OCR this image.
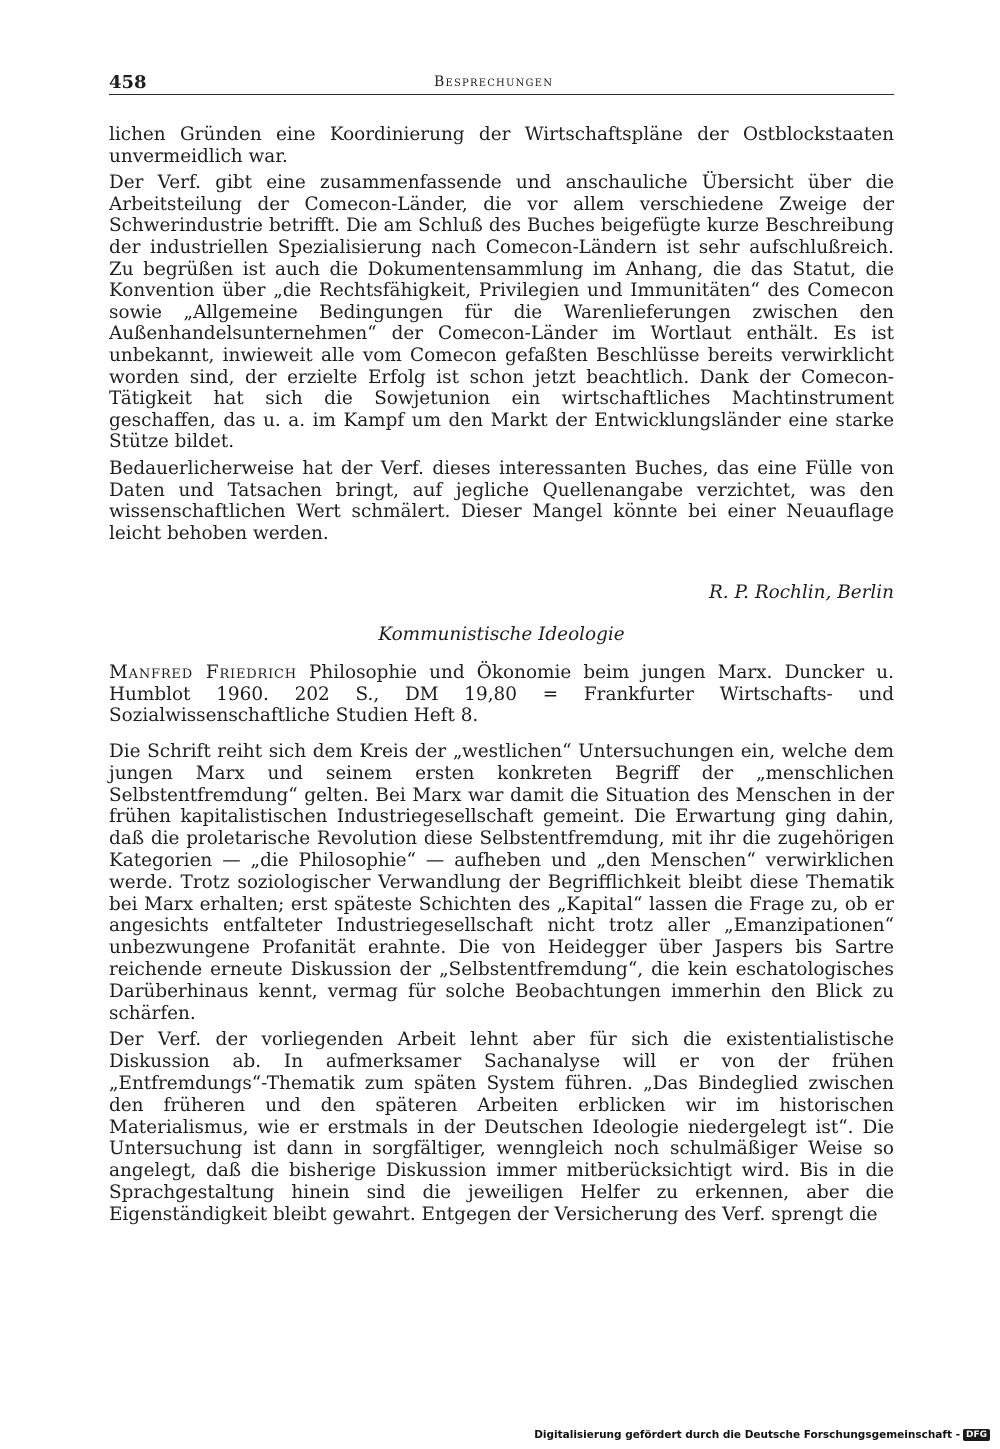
458	Besprechungen

lichen Gründen eine Koordinierung der Wirtschaftspläne der Ostblockstaaten unvermeidlich war.

Der Verf. gibt eine zusammenfassende und anschauliche Übersicht über die Arbeitsteilung der Comecon-Länder, die vor allem verschiedene Zweige der Schwerindustrie betrifft. Die am Schluß des Buches beigefügte kurze Beschreibung der industriellen Spezialisierung nach Comecon-Ländern ist sehr aufschlußreich. Zu begrüßen ist auch die Dokumentensammlung im Anhang, die das Statut, die Konvention über „die Rechtsfähigkeit, Privilegien und Immunitäten“ des Comecon sowie „Allgemeine Bedingungen für die Warenlieferungen zwischen den Außenhandelsunternehmen“ der Comecon-Länder im Wortlaut enthält. Es ist unbekannt, inwieweit alle vom Comecon gefaßten Beschlüsse bereits verwirklicht worden sind, der erzielte Erfolg ist schon jetzt beachtlich. Dank der Comecon-Tätigkeit hat sich die Sowjetunion ein wirtschaftliches Machtinstrument geschaffen, das u. a. im Kampf um den Markt der Entwicklungsländer eine starke Stütze bildet.

Bedauerlicherweise hat der Verf. dieses interessanten Buches, das eine Fülle von Daten und Tatsachen bringt, auf jegliche Quellenangabe verzichtet, was den wissenschaftlichen Wert schmälert. Dieser Mangel könnte bei einer Neuauflage leicht behoben werden.

R. P. Rochlin, Berlin
Kommunistische Ideologie

Manfred Friedrich Philosophie und Ökonomie beim jungen Marx. Duncker u. Humblot 1960. 202 S., DM 19,80 = Frankfurter Wirtschafts- und Sozialwissenschaftliche Studien Heft 8.

Die Schrift reiht sich dem Kreis der „westlichen“ Untersuchungen ein, welche dem jungen Marx und seinem ersten konkreten Begriff der „menschlichen Selbstentfremdung“ gelten. Bei Marx war damit die Situation des Menschen in der frühen kapitalistischen Industriegesellschaft gemeint. Die Erwartung ging dahin, daß die proletarische Revolution diese Selbstentfremdung, mit ihr die zugehörigen Kategorien — „die Philosophie“ — aufheben und „den Menschen“ verwirklichen werde. Trotz soziologischer Verwandlung der Begrifflichkeit bleibt diese Thematik bei Marx erhalten; erst späteste Schichten des „Kapital“ lassen die Frage zu, ob er angesichts entfalteter Industriegesellschaft nicht trotz aller „Emanzipationen“ unbezwungene Profanität erahnte. Die von Heidegger über Jaspers bis Sartre reichende erneute Diskussion der „Selbstentfremdung“, die kein eschatologisches Darüberhinaus kennt, vermag für solche Beobachtungen immerhin den Blick zu schärfen.

Der Verf. der vorliegenden Arbeit lehnt aber für sich die existentialistische Diskussion ab. In aufmerksamer Sachanalyse will er von der frühen „Entfremdungs“-Thematik zum späten System führen. „Das Bindeglied zwischen den früheren und den späteren Arbeiten erblicken wir im historischen Materialismus, wie er erstmals in der Deutschen Ideologie niedergelegt ist“. Die Untersuchung ist dann in sorgfältiger, wenngleich noch schulmäßiger Weise so angelegt, daß die bisherige Diskussion immer mitberücksichtigt wird. Bis in die Sprachgestaltung hinein sind die jeweiligen Helfer zu erkennen, aber die Eigenständigkeit bleibt gewahrt. Entgegen der Versicherung des Verf. sprengt die

Digitalisierung gefördert durch die Deutsche Forschungsgemeinschaft - DFG
